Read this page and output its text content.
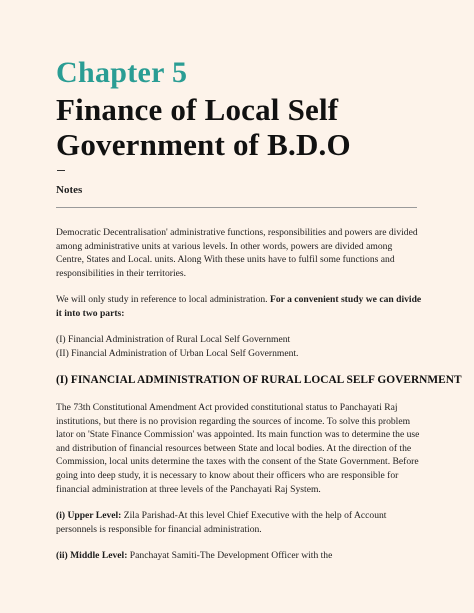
Chapter 5
Finance of Local Self
Government of B.D.O
Notes
Democratic Decentralisation' administrative functions, responsibilities and powers are divided among administrative units at various levels. In other words, powers are divided among Centre, States and Local. units. Along With these units have to fulfil some functions and responsibilities in their territories.
We will only study in reference to local administration. For a convenient study we can divide it into two parts:
(I) Financial Administration of Rural Local Self Government
(II) Financial Administration of Urban Local Self Government.
(I) FINANCIAL ADMINISTRATION OF RURAL LOCAL SELF GOVERNMENT
The 73th Constitutional Amendment Act provided constitutional status to Panchayati Raj institutions, but there is no provision regarding the sources of income. To solve this problem lator on 'State Finance Commission' was appointed. Its main function was to determine the use and distribution of financial resources between State and local bodies. At the direction of the Commission, local units determine the taxes with the consent of the State Government. Before going into deep study, it is necessary to know about their officers who are responsible for financial administration at three levels of the Panchayati Raj System.
(i) Upper Level: Zila Parishad-At this level Chief Executive with the help of Account personnels is responsible for financial administration.
(ii) Middle Level: Panchayat Samiti-The Development Officer with the
